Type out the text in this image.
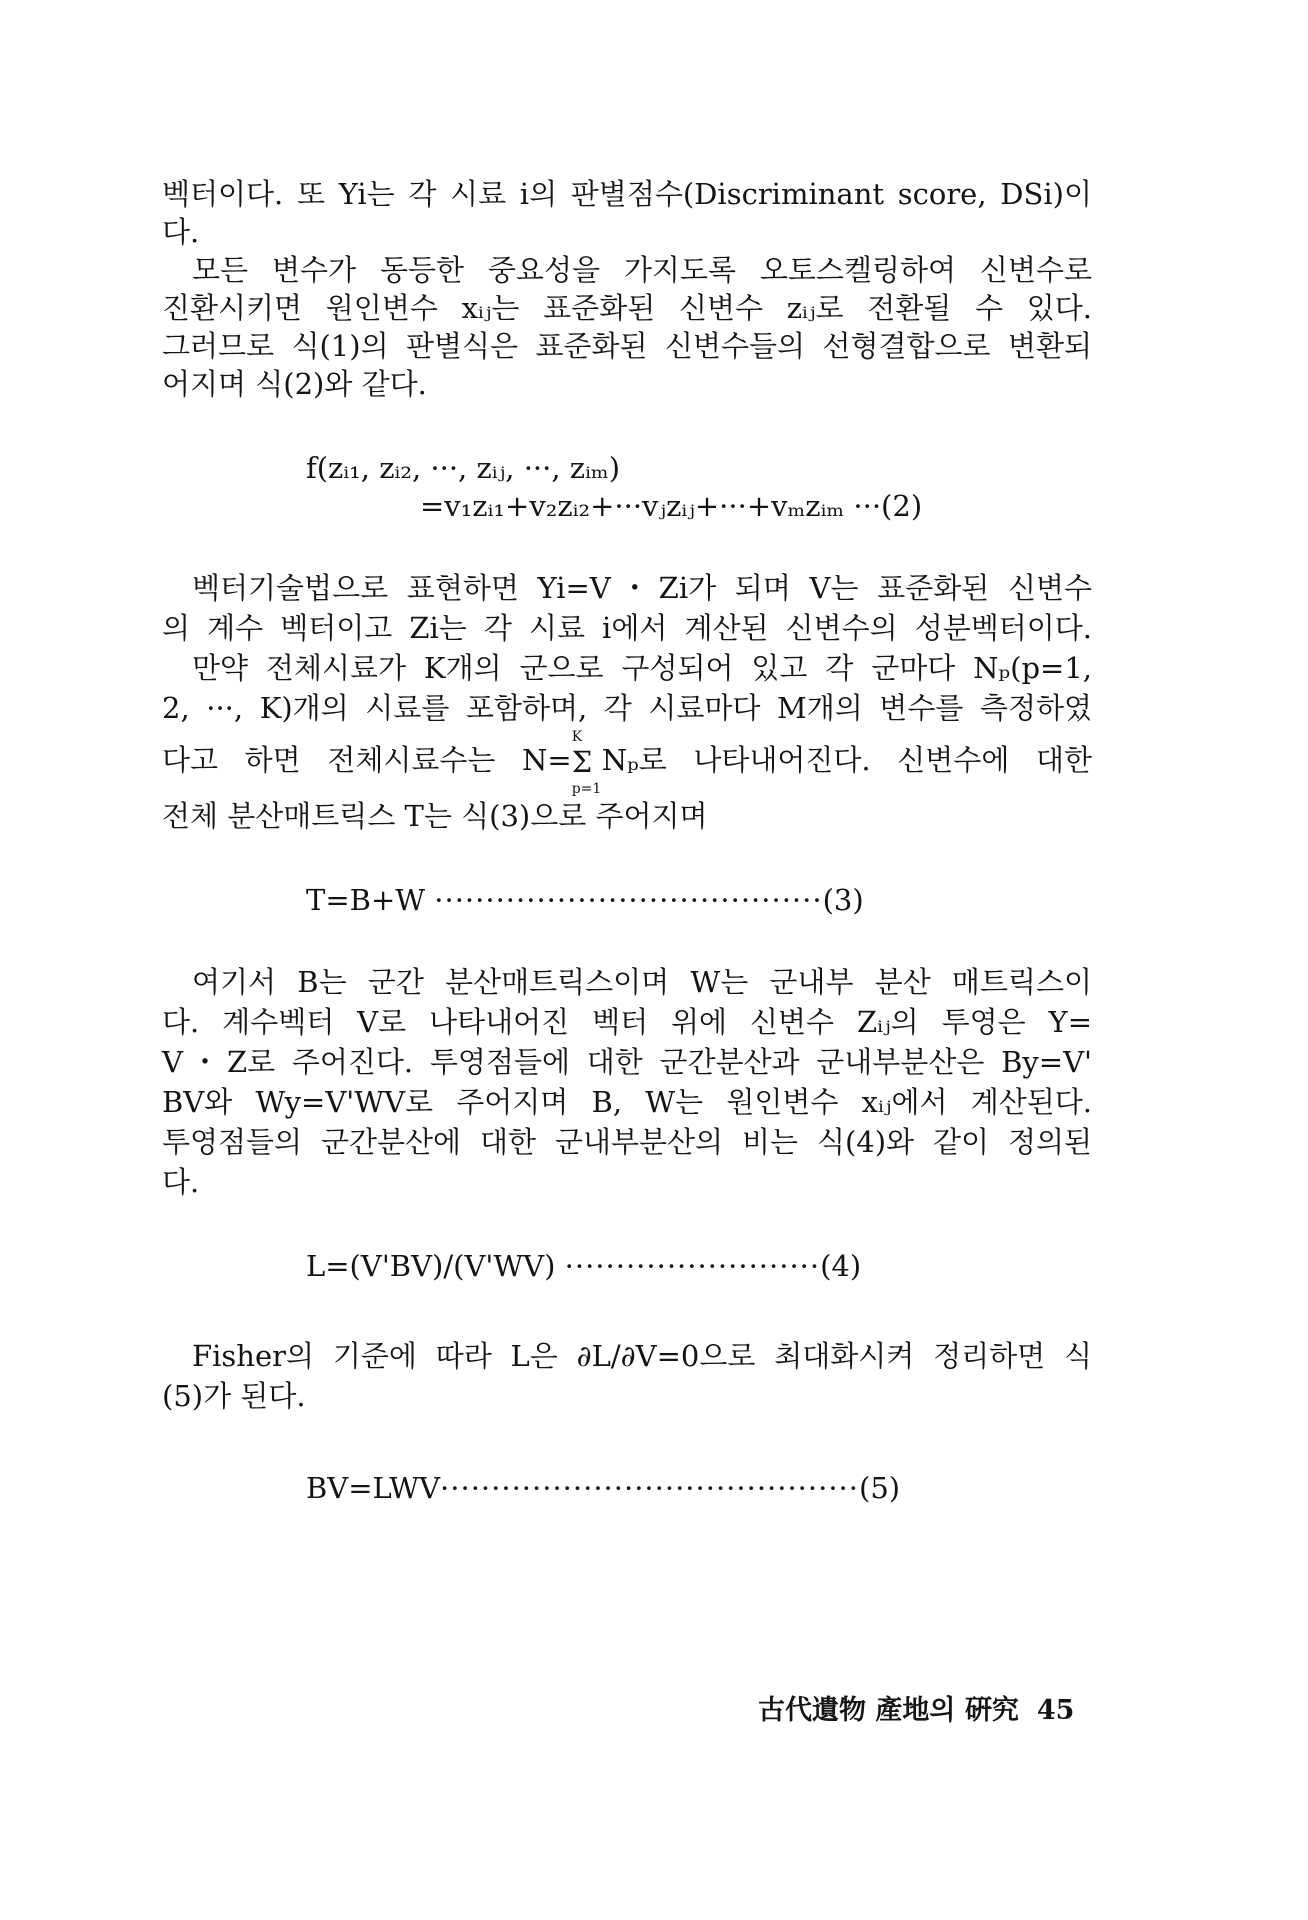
벡터이다. 또 Yi는 각 시료 i의 판별점수(Discriminant score, DSi)이
다.
모든 변수가 동등한 중요성을 가지도록 오토스켈링하여 신변수로
진환시키면 원인변수 xᵢⱼ는 표준화된 신변수 zᵢⱼ로 전환될 수 있다.
그러므로 식(1)의 판별식은 표준화된 신변수들의 선형결합으로 변환되
어지며 식(2)와 같다.
f(zᵢ₁, zᵢ₂, ···, zᵢⱼ, ···, zᵢₘ)
=v₁zᵢ₁+v₂zᵢ₂+···vⱼzᵢⱼ+···+vₘzᵢₘ ···(2)
벡터기술법으로 표현하면 Yi=V・Zi가 되며 V는 표준화된 신변수
의 계수 벡터이고 Zi는 각 시료 i에서 계산된 신변수의 성분벡터이다.
만약 전체시료가 K개의 군으로 구성되어 있고 각 군마다 Nₚ(p=1,
2, ···, K)개의 시료를 포함하며, 각 시료마다 M개의 변수를 측정하였
다고 하면 전체시료수는 N=
K
Σ
p=1
Nₚ로 나타내어진다. 신변수에 대한
전체 분산매트릭스 T는 식(3)으로 주어지며
T=B+W ······································(3)
여기서 B는 군간 분산매트릭스이며 W는 군내부 분산 매트릭스이
다. 계수벡터 V로 나타내어진 벡터 위에 신변수 Zᵢⱼ의 투영은 Y=
V・Z로 주어진다. 투영점들에 대한 군간분산과 군내부분산은 By=V'
BV와 Wy=V'WV로 주어지며 B, W는 원인변수 xᵢⱼ에서 계산된다.
투영점들의 군간분산에 대한 군내부분산의 비는 식(4)와 같이 정의된
다.
L=(V'BV)/(V'WV) ·························(4)
Fisher의 기준에 따라 L은 ∂L/∂V=0으로 최대화시켜 정리하면 식
(5)가 된다.
BV=LWV·········································(5)
古代遺物 產地의 硏究 45
